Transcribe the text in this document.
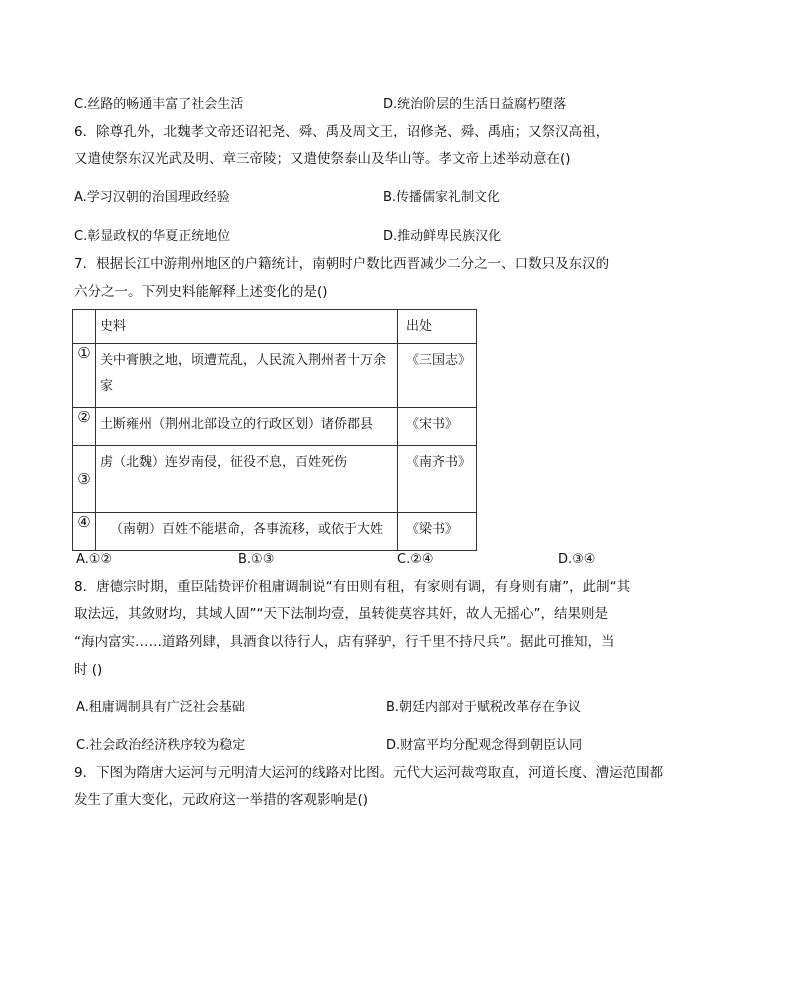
C.丝路的畅通丰富了社会生活	D.统治阶层的生活日益腐朽堕落
6．除尊孔外，北魏孝文帝还诏祀尧、舜、禹及周文王，诏修尧、舜、禹庙；又祭汉高祖，
又遣使祭东汉光武及明、章三帝陵；又遣使祭泰山及华山等。孝文帝上述举动意在()
A.学习汉朝的治国理政经验	B.传播儒家礼制文化
C.彰显政权的华夏正统地位	D.推动鲜卑民族汉化
7．根据长江中游荆州地区的户籍统计，南朝时户数比西晋减少二分之一、口数只及东汉的
六分之一。下列史料能解释上述变化的是()
	史料	出处
①	关中膏腴之地，顷遭荒乱，人民流入荆州者十万余家	《三国志》
②	土断雍州（荆州北部设立的行政区划）诸侨郡县	《宋书》
③	虏（北魏）连岁南侵，征役不息，百姓死伤	《南齐书》
④	（南朝）百姓不能堪命，各事流移，或依于大姓	《梁书》
A.①②	B.①③	C.②④	D.③④
8．唐德宗时期，重臣陆贽评价租庸调制说“有田则有租，有家则有调，有身则有庸”，此制“其
取法远，其敛财均，其域人固”“天下法制均壹，虽转徙莫容其奸，故人无摇心”，结果则是
“海内富实……道路列肆，具酒食以待行人，店有驿驴，行千里不持尺兵”。据此可推知，当
时 ()
A.租庸调制具有广泛社会基础	B.朝廷内部对于赋税改革存在争议
C.社会政治经济秩序较为稳定	D.财富平均分配观念得到朝臣认同
9．下图为隋唐大运河与元明清大运河的线路对比图。元代大运河裁弯取直，河道长度、漕运范围都
发生了重大变化，元政府这一举措的客观影响是()
